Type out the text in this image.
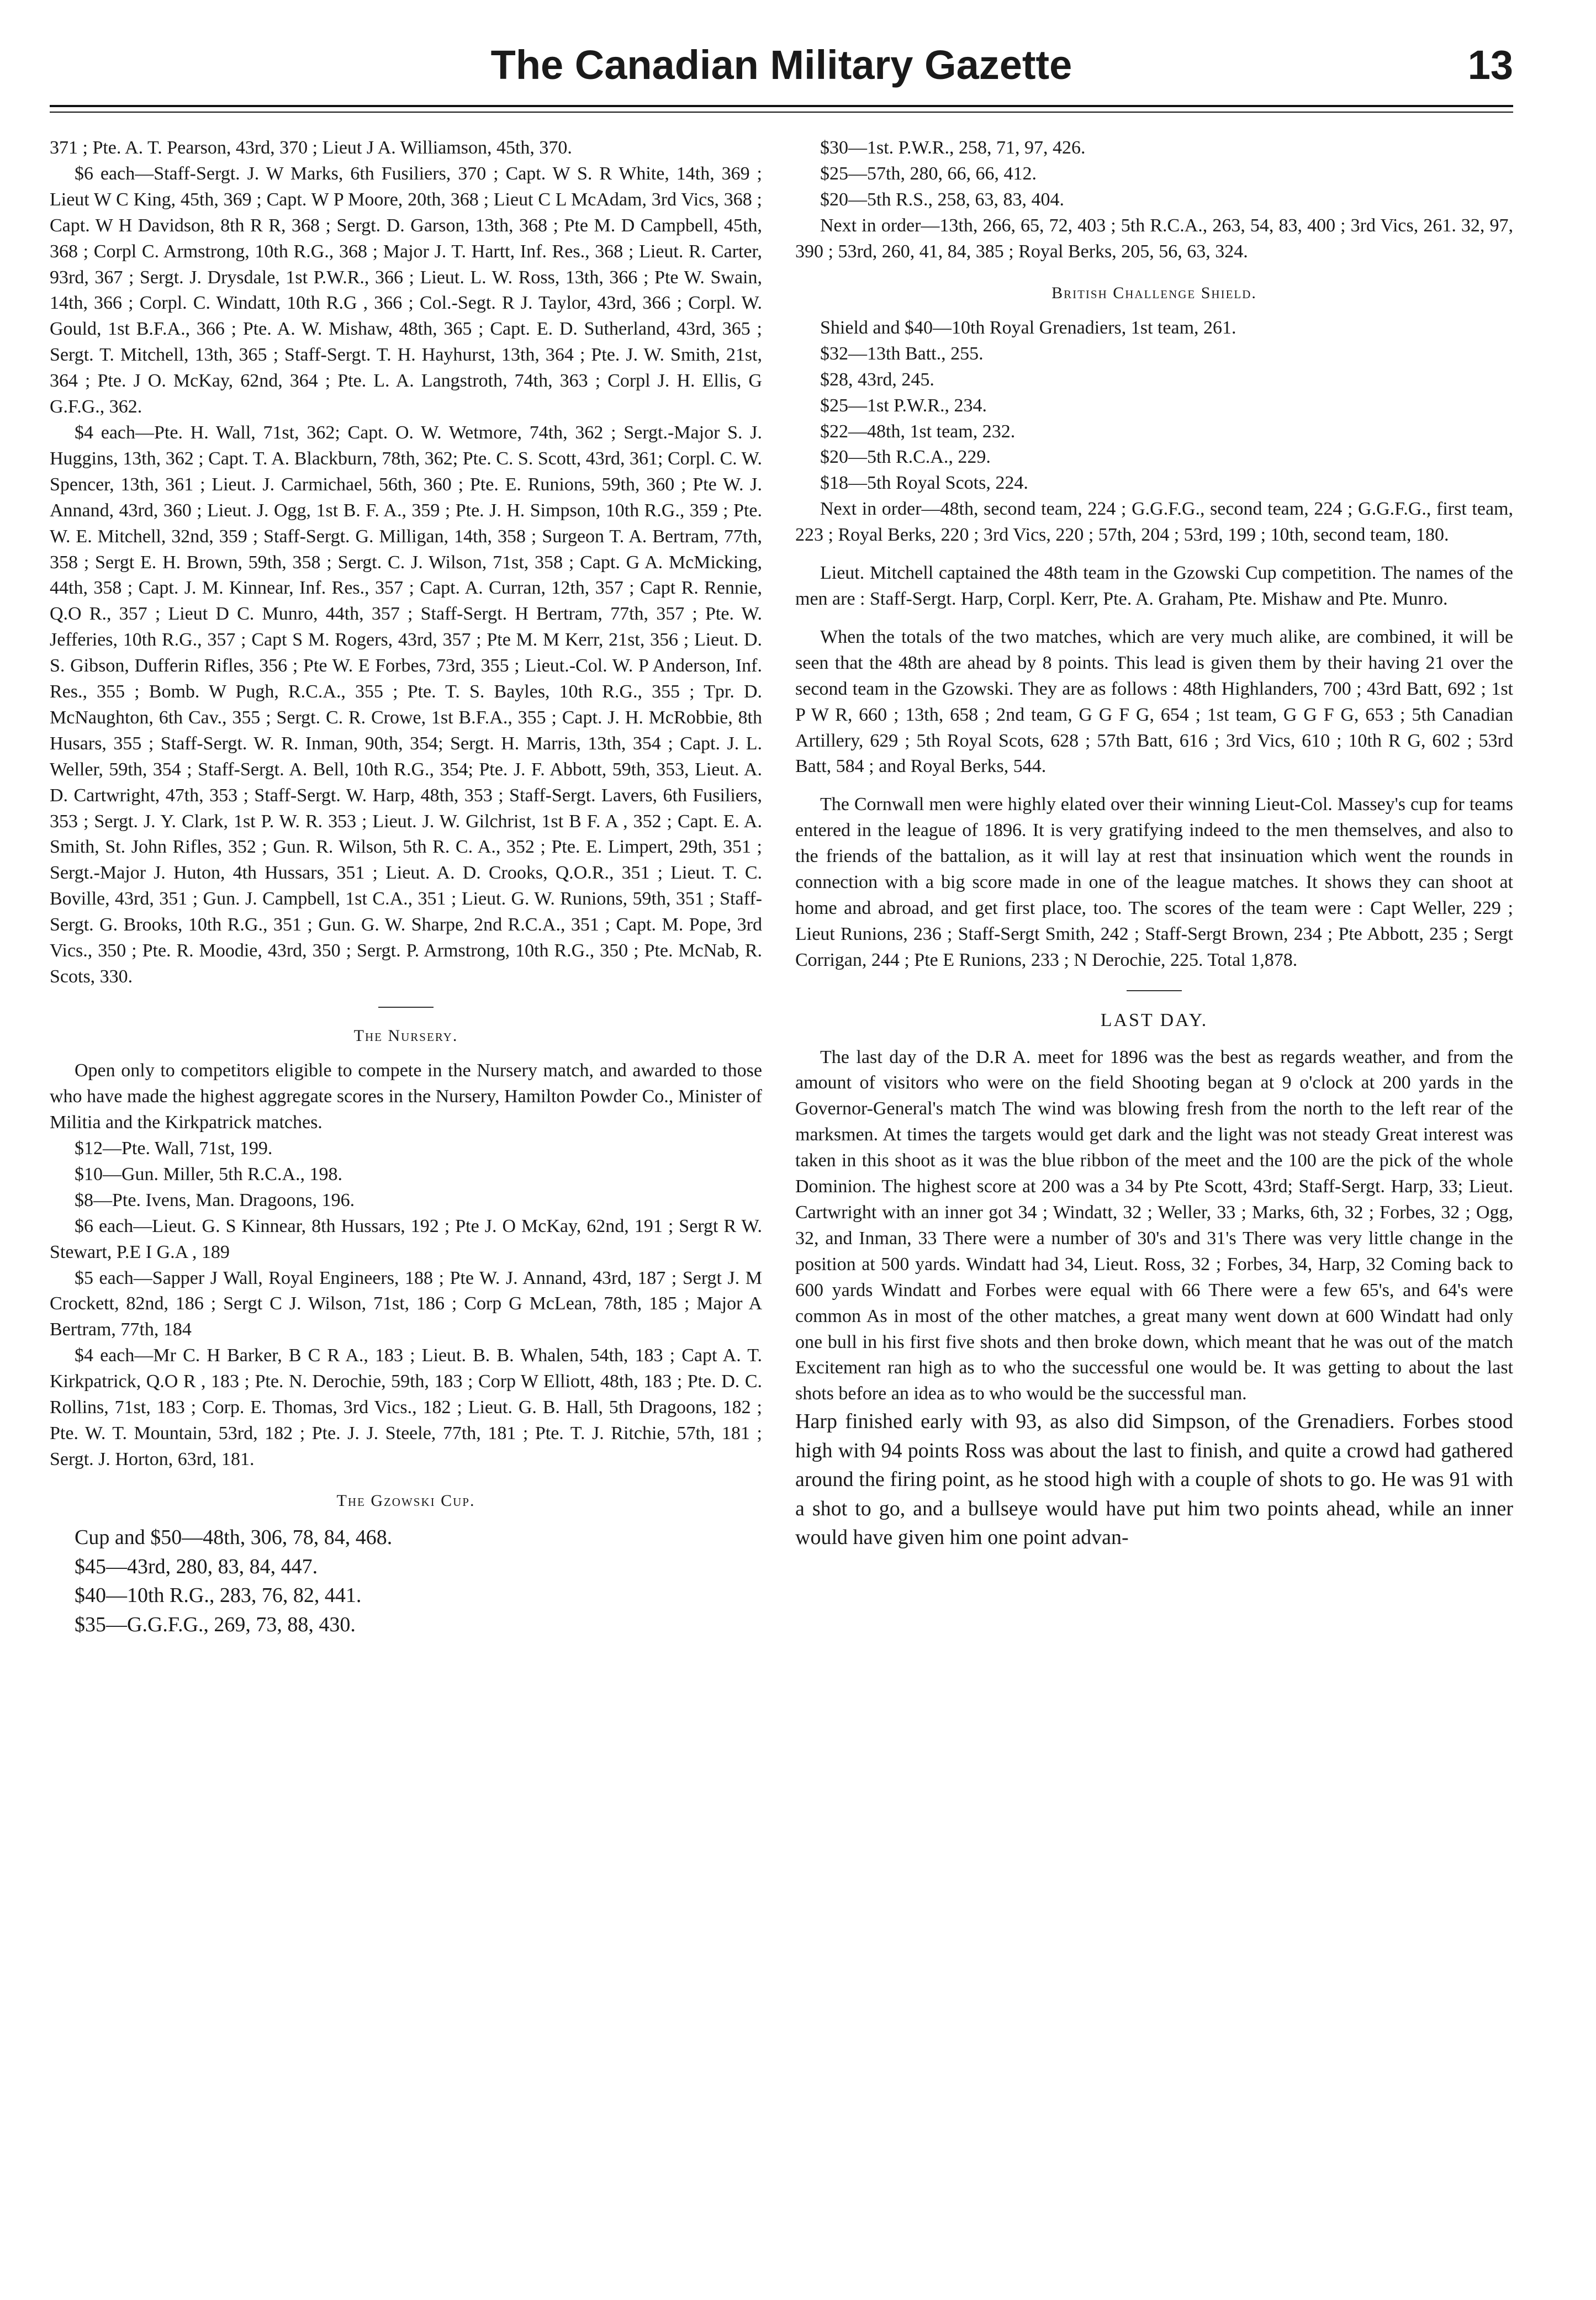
The Canadian Military Gazette	13

371 ; Pte. A. T. Pearson, 43rd, 370 ; Lieut J A. Williamson, 45th, 370.

$6 each—Staff-Sergt. J. W Marks, 6th Fusiliers, 370 ; Capt. W S. R White, 14th, 369 ; Lieut W C King, 45th, 369 ; Capt. W P Moore, 20th, 368 ; Lieut C L McAdam, 3rd Vics, 368 ; Capt. W H Davidson, 8th R R, 368 ; Sergt. D. Garson, 13th, 368 ; Pte M. D Campbell, 45th, 368 ; Corpl C. Armstrong, 10th R.G., 368 ; Major J. T. Hartt, Inf. Res., 368 ; Lieut. R. Carter, 93rd, 367 ; Sergt. J. Drysdale, 1st P.W.R., 366 ; Lieut. L. W. Ross, 13th, 366 ; Pte W. Swain, 14th, 366 ; Corpl. C. Windatt, 10th R.G , 366 ; Col.-Segt. R J. Taylor, 43rd, 366 ; Corpl. W. Gould, 1st B.F.A., 366 ; Pte. A. W. Mishaw, 48th, 365 ; Capt. E. D. Sutherland, 43rd, 365 ; Sergt. T. Mitchell, 13th, 365 ; Staff-Sergt. T. H. Hayhurst, 13th, 364 ; Pte. J. W. Smith, 21st, 364 ; Pte. J O. McKay, 62nd, 364 ; Pte. L. A. Langstroth, 74th, 363 ; Corpl J. H. Ellis, G G.F.G., 362.

$4 each—Pte. H. Wall, 71st, 362; Capt. O. W. Wetmore, 74th, 362 ; Sergt.-Major S. J. Huggins, 13th, 362 ; Capt. T. A. Blackburn, 78th, 362; Pte. C. S. Scott, 43rd, 361; Corpl. C. W. Spencer, 13th, 361 ; Lieut. J. Carmichael, 56th, 360 ; Pte. E. Runions, 59th, 360 ; Pte W. J. Annand, 43rd, 360 ; Lieut. J. Ogg, 1st B. F. A., 359 ; Pte. J. H. Simpson, 10th R.G., 359 ; Pte. W. E. Mitchell, 32nd, 359 ; Staff-Sergt. G. Milligan, 14th, 358 ; Surgeon T. A. Bertram, 77th, 358 ; Sergt E. H. Brown, 59th, 358 ; Sergt. C. J. Wilson, 71st, 358 ; Capt. G A. McMicking, 44th, 358 ; Capt. J. M. Kinnear, Inf. Res., 357 ; Capt. A. Curran, 12th, 357 ; Capt R. Rennie, Q.O R., 357 ; Lieut D C. Munro, 44th, 357 ; Staff-Sergt. H Bertram, 77th, 357 ; Pte. W. Jefferies, 10th R.G., 357 ; Capt S M. Rogers, 43rd, 357 ; Pte M. M Kerr, 21st, 356 ; Lieut. D. S. Gibson, Dufferin Rifles, 356 ; Pte W. E Forbes, 73rd, 355 ; Lieut.-Col. W. P Anderson, Inf. Res., 355 ; Bomb. W Pugh, R.C.A., 355 ; Pte. T. S. Bayles, 10th R.G., 355 ; Tpr. D. McNaughton, 6th Cav., 355 ; Sergt. C. R. Crowe, 1st B.F.A., 355 ; Capt. J. H. McRobbie, 8th Husars, 355 ; Staff-Sergt. W. R. Inman, 90th, 354; Sergt. H. Marris, 13th, 354 ; Capt. J. L. Weller, 59th, 354 ; Staff-Sergt. A. Bell, 10th R.G., 354; Pte. J. F. Abbott, 59th, 353, Lieut. A. D. Cartwright, 47th, 353 ; Staff-Sergt. W. Harp, 48th, 353 ; Staff-Sergt. Lavers, 6th Fusiliers, 353 ; Sergt. J. Y. Clark, 1st P. W. R. 353 ; Lieut. J. W. Gilchrist, 1st B F. A , 352 ; Capt. E. A. Smith, St. John Rifles, 352 ; Gun. R. Wilson, 5th R. C. A., 352 ; Pte. E. Limpert, 29th, 351 ; Sergt.-Major J. Huton, 4th Hussars, 351 ; Lieut. A. D. Crooks, Q.O.R., 351 ; Lieut. T. C. Boville, 43rd, 351 ; Gun. J. Campbell, 1st C.A., 351 ; Lieut. G. W. Runions, 59th, 351 ; Staff-Sergt. G. Brooks, 10th R.G., 351 ; Gun. G. W. Sharpe, 2nd R.C.A., 351 ; Capt. M. Pope, 3rd Vics., 350 ; Pte. R. Moodie, 43rd, 350 ; Sergt. P. Armstrong, 10th R.G., 350 ; Pte. McNab, R. Scots, 330.

The Nursery.

Open only to competitors eligible to compete in the Nursery match, and awarded to those who have made the highest aggregate scores in the Nursery, Hamilton Powder Co., Minister of Militia and the Kirkpatrick matches.

$12—Pte. Wall, 71st, 199.

$10—Gun. Miller, 5th R.C.A., 198.

$8—Pte. Ivens, Man. Dragoons, 196.

$6 each—Lieut. G. S Kinnear, 8th Hussars, 192 ; Pte J. O McKay, 62nd, 191 ; Sergt R W. Stewart, P.E I G.A , 189

$5 each—Sapper J Wall, Royal Engineers, 188 ; Pte W. J. Annand, 43rd, 187 ; Sergt J. M Crockett, 82nd, 186 ; Sergt C J. Wilson, 71st, 186 ; Corp G McLean, 78th, 185 ; Major A Bertram, 77th, 184

$4 each—Mr C. H Barker, B C R A., 183 ; Lieut. B. B. Whalen, 54th, 183 ; Capt A. T. Kirkpatrick, Q.O R , 183 ; Pte. N. Derochie, 59th, 183 ; Corp W Elliott, 48th, 183 ; Pte. D. C. Rollins, 71st, 183 ; Corp. E. Thomas, 3rd Vics., 182 ; Lieut. G. B. Hall, 5th Dragoons, 182 ; Pte. W. T. Mountain, 53rd, 182 ; Pte. J. J. Steele, 77th, 181 ; Pte. T. J. Ritchie, 57th, 181 ; Sergt. J. Horton, 63rd, 181.

The Gzowski Cup.

Cup and $50—48th, 306, 78, 84, 468.

$45—43rd, 280, 83, 84, 447.

$40—10th R.G., 283, 76, 82, 441.

$35—G.G.F.G., 269, 73, 88, 430.

$30—1st. P.W.R., 258, 71, 97, 426.

$25—57th, 280, 66, 66, 412.

$20—5th R.S., 258, 63, 83, 404.

Next in order—13th, 266, 65, 72, 403 ; 5th R.C.A., 263, 54, 83, 400 ; 3rd Vics, 261. 32, 97, 390 ; 53rd, 260, 41, 84, 385 ; Royal Berks, 205, 56, 63, 324.

British Challenge Shield.

Shield and $40—10th Royal Grenadiers, 1st team, 261.

$32—13th Batt., 255.

$28, 43rd, 245.

$25—1st P.W.R., 234.

$22—48th, 1st team, 232.

$20—5th R.C.A., 229.

$18—5th Royal Scots, 224.

Next in order—48th, second team, 224 ; G.G.F.G., second team, 224 ; G.G.F.G., first team, 223 ; Royal Berks, 220 ; 3rd Vics, 220 ; 57th, 204 ; 53rd, 199 ; 10th, second team, 180.

Lieut. Mitchell captained the 48th team in the Gzowski Cup competition. The names of the men are : Staff-Sergt. Harp, Corpl. Kerr, Pte. A. Graham, Pte. Mishaw and Pte. Munro.

When the totals of the two matches, which are very much alike, are combined, it will be seen that the 48th are ahead by 8 points. This lead is given them by their having 21 over the second team in the Gzowski. They are as follows : 48th Highlanders, 700 ; 43rd Batt, 692 ; 1st P W R, 660 ; 13th, 658 ; 2nd team, G G F G, 654 ; 1st team, G G F G, 653 ; 5th Canadian Artillery, 629 ; 5th Royal Scots, 628 ; 57th Batt, 616 ; 3rd Vics, 610 ; 10th R G, 602 ; 53rd Batt, 584 ; and Royal Berks, 544.

The Cornwall men were highly elated over their winning Lieut-Col. Massey's cup for teams entered in the league of 1896. It is very gratifying indeed to the men themselves, and also to the friends of the battalion, as it will lay at rest that insinuation which went the rounds in connection with a big score made in one of the league matches. It shows they can shoot at home and abroad, and get first place, too. The scores of the team were : Capt Weller, 229 ; Lieut Runions, 236 ; Staff-Sergt Smith, 242 ; Staff-Sergt Brown, 234 ; Pte Abbott, 235 ; Sergt Corrigan, 244 ; Pte E Runions, 233 ; N Derochie, 225. Total 1,878.

LAST DAY.

The last day of the D.R A. meet for 1896 was the best as regards weather, and from the amount of visitors who were on the field Shooting began at 9 o'clock at 200 yards in the Governor-General's match The wind was blowing fresh from the north to the left rear of the marksmen. At times the targets would get dark and the light was not steady Great interest was taken in this shoot as it was the blue ribbon of the meet and the 100 are the pick of the whole Dominion. The highest score at 200 was a 34 by Pte Scott, 43rd; Staff-Sergt. Harp, 33; Lieut. Cartwright with an inner got 34 ; Windatt, 32 ; Weller, 33 ; Marks, 6th, 32 ; Forbes, 32 ; Ogg, 32, and Inman, 33 There were a number of 30's and 31's There was very little change in the position at 500 yards. Windatt had 34, Lieut. Ross, 32 ; Forbes, 34, Harp, 32 Coming back to 600 yards Windatt and Forbes were equal with 66 There were a few 65's, and 64's were common As in most of the other matches, a great many went down at 600 Windatt had only one bull in his first five shots and then broke down, which meant that he was out of the match Excitement ran high as to who the successful one would be. It was getting to about the last shots before an idea as to who would be the successful man.

Harp finished early with 93, as also did Simpson, of the Grenadiers. Forbes stood high with 94 points Ross was about the last to finish, and quite a crowd had gathered around the firing point, as he stood high with a couple of shots to go. He was 91 with a shot to go, and a bullseye would have put him two points ahead, while an inner would have given him one point advan-
